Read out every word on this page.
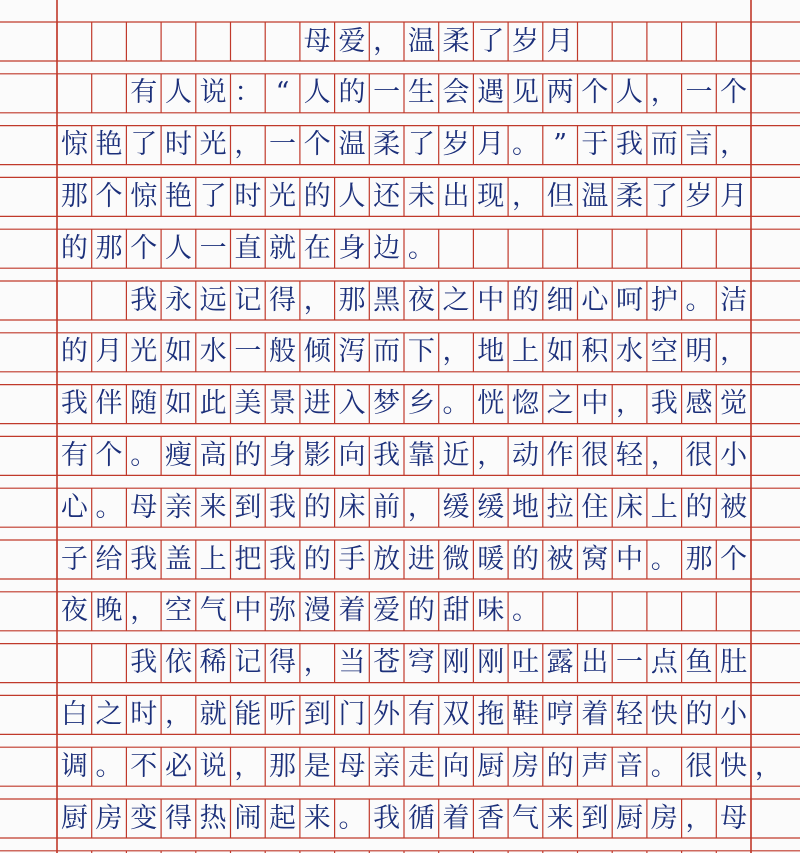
母 爱 ， 温 柔 了 岁 月
有 人 说 ： “ 人 的 一 生 会 遇 见 两 个 人 ， 一 个
惊 艳 了 时 光 ， 一 个 温 柔 了 岁 月 。 ” 于 我 而 言 ，
那 个 惊 艳 了 时 光 的 人 还 未 出 现 ， 但 温 柔 了 岁 月
的 那 个 人 一 直 就 在 身 边 。
我 永 远 记 得 ， 那 黑 夜 之 中 的 细 心 呵 护 。 洁
的 月 光 如 水 一 般 倾 泻 而 下 ， 地 上 如 积 水 空 明 ，
我 伴 随 如 此 美 景 进 入 梦 乡 。 恍 惚 之 中 ， 我 感 觉
有 个 。 瘦 高 的 身 影 向 我 靠 近 ， 动 作 很 轻 ， 很 小
心 。 母 亲 来 到 我 的 床 前 ， 缓 缓 地 拉 住 床 上 的 被
子 给 我 盖 上 把 我 的 手 放 进 微 暖 的 被 窝 中 。 那 个
夜 晚 ， 空 气 中 弥 漫 着 爱 的 甜 味 。
我 依 稀 记 得 ， 当 苍 穹 刚 刚 吐 露 出 一 点 鱼 肚
白 之 时 ， 就 能 听 到 门 外 有 双 拖 鞋 哼 着 轻 快 的 小
调 。 不 必 说 ， 那 是 母 亲 走 向 厨 房 的 声 音 。 很 快 ，
厨 房 变 得 热 闹 起 来 。 我 循 着 香 气 来 到 厨 房 ， 母
